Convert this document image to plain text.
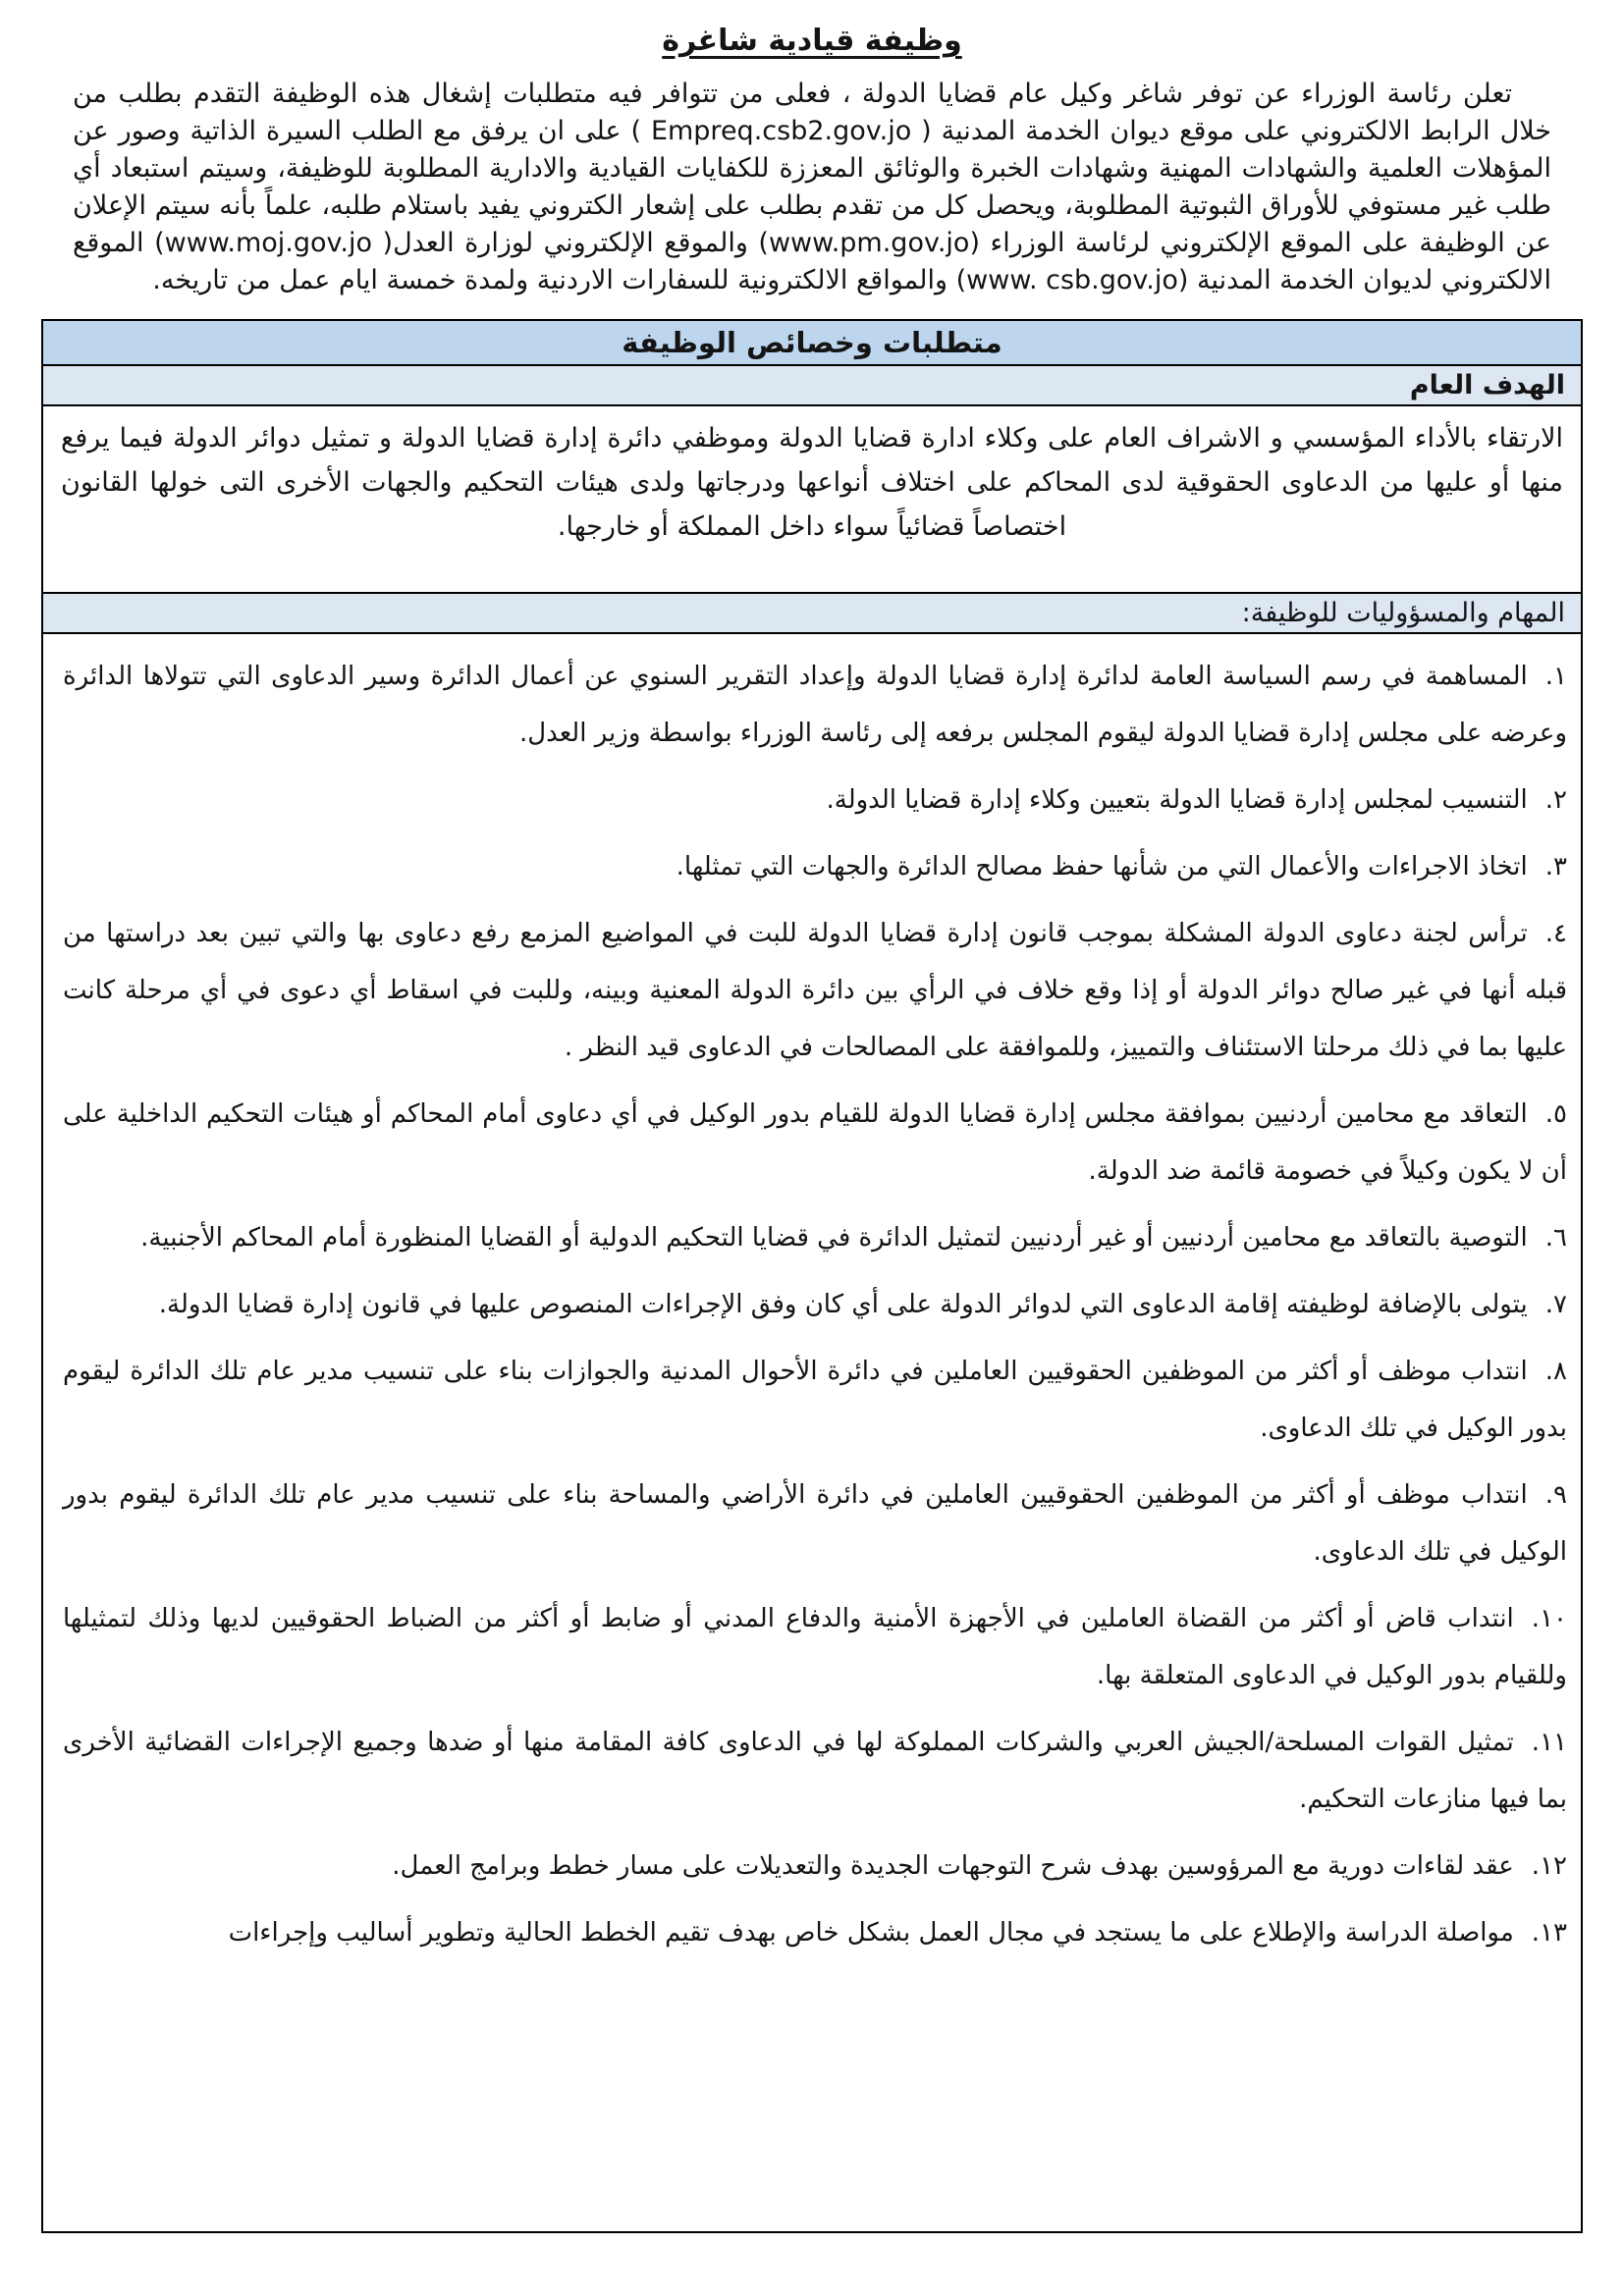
وظيفة قيادية شاغرة

تعلن رئاسة الوزراء عن توفر شاغر وكيل عام قضايا الدولة ، فعلى من تتوافر فيه متطلبات إشغال هذه الوظيفة التقدم بطلب من خلال الرابط الالكتروني على موقع ديوان الخدمة المدنية ( Empreq.csb2.gov.jo ) على ان يرفق مع الطلب السيرة الذاتية وصور عن المؤهلات العلمية والشهادات المهنية وشهادات الخبرة والوثائق المعززة للكفايات القيادية والادارية المطلوبة للوظيفة، وسيتم استبعاد أي طلب غير مستوفي للأوراق الثبوتية المطلوبة، ويحصل كل من تقدم بطلب على إشعار الكتروني يفيد باستلام طلبه، علماً بأنه سيتم الإعلان عن الوظيفة على الموقع الإلكتروني لرئاسة الوزراء (www.pm.gov.jo) والموقع الإلكتروني لوزارة العدل( www.moj.gov.jo) الموقع الالكتروني لديوان الخدمة المدنية (www. csb.gov.jo) والمواقع الالكترونية للسفارات الاردنية ولمدة خمسة ايام عمل من تاريخه.

متطلبات وخصائص الوظيفة
الهدف العام
الارتقاء بالأداء المؤسسي و الاشراف العام على وكلاء ادارة قضايا الدولة وموظفي دائرة إدارة قضايا الدولة و تمثيل دوائر الدولة فيما يرفع منها أو عليها من الدعاوى الحقوقية لدى المحاكم على اختلاف أنواعها ودرجاتها ولدى هيئات التحكيم والجهات الأخرى التى خولها القانون اختصاصاً قضائياً سواء داخل المملكة أو خارجها.
المهام والمسؤوليات للوظيفة:

١.المساهمة في رسم السياسة العامة لدائرة إدارة قضايا الدولة وإعداد التقرير السنوي عن أعمال الدائرة وسير الدعاوى التي تتولاها الدائرة وعرضه على مجلس إدارة قضايا الدولة ليقوم المجلس برفعه إلى رئاسة الوزراء بواسطة وزير العدل.
٢.التنسيب لمجلس إدارة قضايا الدولة بتعيين وكلاء إدارة قضايا الدولة.
٣.اتخاذ الاجراءات والأعمال التي من شأنها حفظ مصالح الدائرة والجهات التي تمثلها.
٤.ترأس لجنة دعاوى الدولة المشكلة بموجب قانون إدارة قضايا الدولة للبت في المواضيع المزمع رفع دعاوى بها والتي تبين بعد دراستها من قبله أنها في غير صالح دوائر الدولة أو إذا وقع خلاف في الرأي بين دائرة الدولة المعنية وبينه، وللبت في اسقاط أي دعوى في أي مرحلة كانت عليها بما في ذلك مرحلتا الاستئناف والتمييز، وللموافقة على المصالحات في الدعاوى قيد النظر .
٥.التعاقد مع محامين أردنيين بموافقة مجلس إدارة قضايا الدولة للقيام بدور الوكيل في أي دعاوى أمام المحاكم أو هيئات التحكيم الداخلية على أن لا يكون وكيلاً في خصومة قائمة ضد الدولة.
٦.التوصية بالتعاقد مع محامين أردنيين أو غير أردنيين لتمثيل الدائرة في قضايا التحكيم الدولية أو القضايا المنظورة أمام المحاكم الأجنبية.
٧.يتولى بالإضافة لوظيفته إقامة الدعاوى التي لدوائر الدولة على أي كان وفق الإجراءات المنصوص عليها في قانون إدارة قضايا الدولة.
٨.انتداب موظف أو أكثر من الموظفين الحقوقيين العاملين في دائرة الأحوال المدنية والجوازات بناء على تنسيب مدير عام تلك الدائرة ليقوم بدور الوكيل في تلك الدعاوى.
٩.انتداب موظف أو أكثر من الموظفين الحقوقيين العاملين في دائرة الأراضي والمساحة بناء على تنسيب مدير عام تلك الدائرة ليقوم بدور الوكيل في تلك الدعاوى.
١٠.انتداب قاض أو أكثر من القضاة العاملين في الأجهزة الأمنية والدفاع المدني أو ضابط أو أكثر من الضباط الحقوقيين لديها وذلك لتمثيلها وللقيام بدور الوكيل في الدعاوى المتعلقة بها.
١١.تمثيل القوات المسلحة/الجيش العربي والشركات المملوكة لها في الدعاوى كافة المقامة منها أو ضدها وجميع الإجراءات القضائية الأخرى بما فيها منازعات التحكيم.
١٢.عقد لقاءات دورية مع المرؤوسين بهدف شرح التوجهات الجديدة والتعديلات على مسار خطط وبرامج العمل.
١٣.مواصلة الدراسة والإطلاع على ما يستجد في مجال العمل بشكل خاص بهدف تقيم الخطط الحالية وتطوير أساليب وإجراءات
